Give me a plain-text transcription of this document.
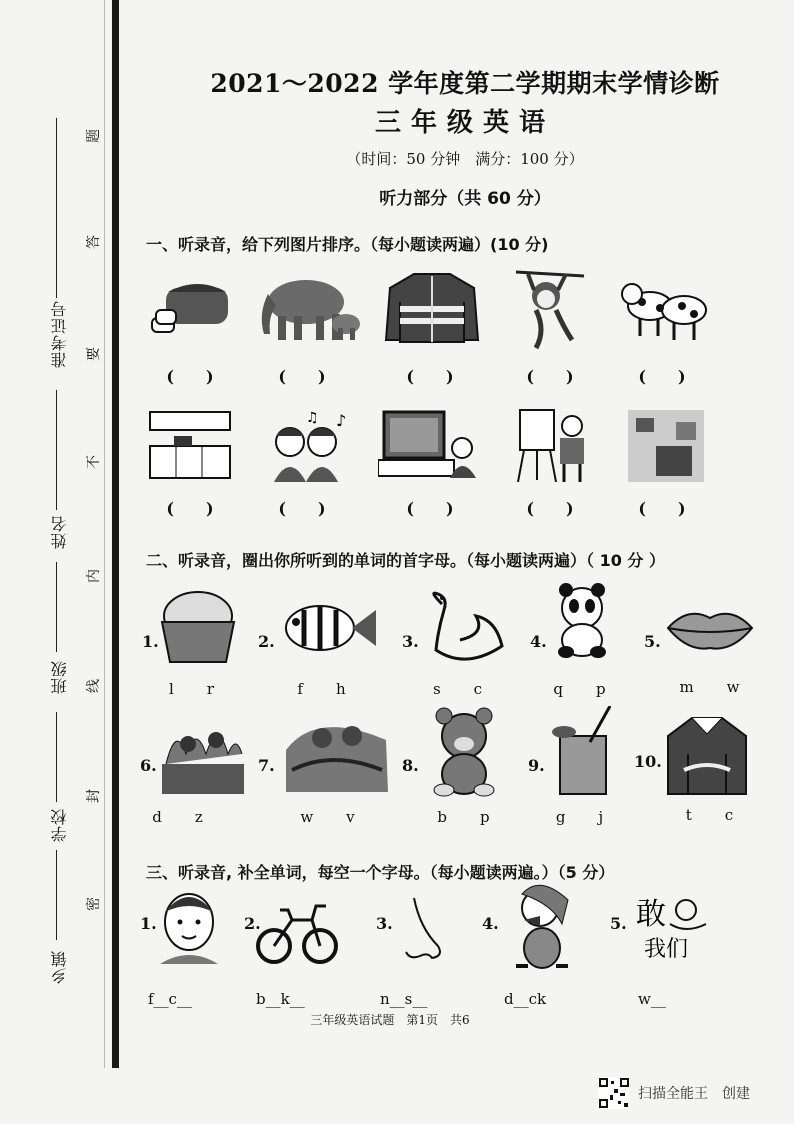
准考证号
姓名
班级
学校
乡镇
题
答
要
不
内
线
封
密
2021～2022 学年度第二学期期末学情诊断
三年级英语
（时间：50 分钟　满分：100 分）
听力部分（共 60 分）
一、听录音，给下列图片排序。（每小题读两遍）(10 分)
(　　)	(　　)	(　　)	(　　)	(　　)
♪
♫
(　　)	(　　)	(　　)	(　　)	(　　)
二、听录音，圈出你所听到的单词的首字母。（每小题读两遍）（ 10 分 ）
1.
l　　r
2.
f　　h
3.
s　　c
4.
q　　p
5.
m　　w
6.
d　　z
7.
w　　v
8.
b　　p
9.
g　　j
10.
t　　c
三、听录音, 补全单词，每空一个字母。（每小题读两遍。）（5 分）
1.
f__c__
2.
b__k__
3.
n__s__
4.
d__ck
5. 敢
我们
w__
三年级英语试题　第1页　共6
扫描全能王　创建
